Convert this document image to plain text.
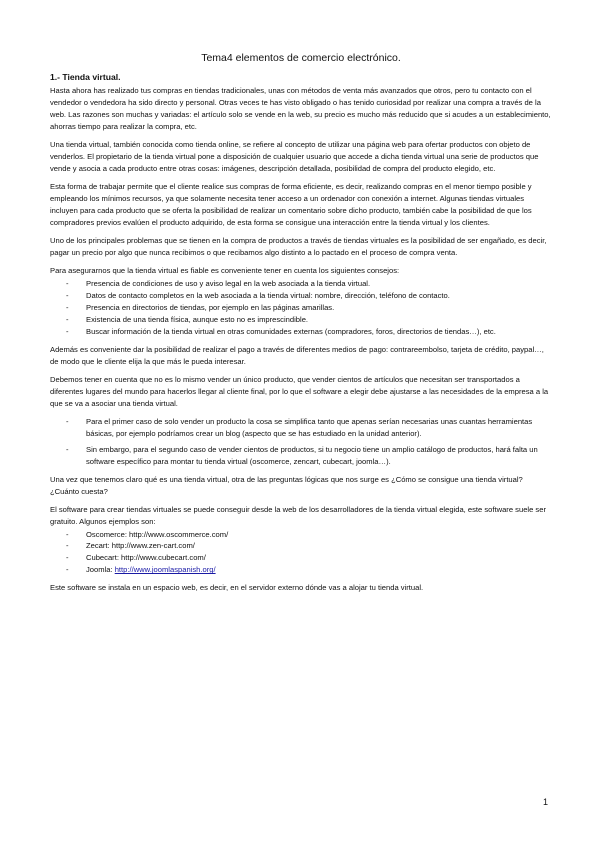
Tema4 elementos de comercio electrónico.
1.- Tienda virtual.

Hasta ahora has realizado tus compras en tiendas tradicionales, unas con métodos de venta más avanzados que otros, pero tu contacto con el vendedor o vendedora ha sido directo y personal. Otras veces te has visto obligado o has tenido curiosidad por realizar una compra a través de la web. Las razones son muchas y variadas: el artículo solo se vende en la web, su precio es mucho más reducido que si acudes a un establecimiento, ahorras tiempo para realizar la compra, etc.

Una tienda virtual, también conocida como tienda online, se refiere al concepto de utilizar una página web para ofertar productos con objeto de venderlos. El propietario de la tienda virtual pone a disposición de cualquier usuario que accede a dicha tienda virtual una serie de productos que vende y asocia a cada producto entre otras cosas: imágenes, descripción detallada, posibilidad de compra del producto elegido, etc.

Esta forma de trabajar permite que el cliente realice sus compras de forma eficiente, es decir, realizando compras en el menor tiempo posible y empleando los mínimos recursos, ya que solamente necesita tener acceso a un ordenador con conexión a internet. Algunas tiendas virtuales incluyen para cada producto que se oferta la posibilidad de realizar un comentario sobre dicho producto, también cabe la posibilidad de que los compradores previos evalúen el producto adquirido, de esta forma se consigue una interacción entre la tienda virtual y los clientes.

Uno de los principales problemas que se tienen en la compra de productos a través de tiendas virtuales es la posibilidad de ser engañado, es decir, pagar un precio por algo que nunca recibimos o que recibamos algo distinto a lo pactado en el proceso de compra venta.

Para asegurarnos que la tienda virtual es fiable es conveniente tener en cuenta los siguientes consejos:

- Presencia de condiciones de uso y aviso legal en la web asociada a la tienda virtual.
- Datos de contacto completos en la web asociada a la tienda virtual: nombre, dirección, teléfono de contacto.
- Presencia en directorios de tiendas, por ejemplo en las páginas amarillas.
- Existencia de una tienda física, aunque esto no es imprescindible.
- Buscar información de la tienda virtual en otras comunidades externas (compradores, foros, directorios de tiendas…), etc.

Además es conveniente dar la posibilidad de realizar el pago a través de diferentes medios de pago: contrareembolso, tarjeta de crédito, paypal…, de modo que le cliente elija la que más le pueda interesar.

Debemos tener en cuenta que no es lo mismo vender un único producto, que vender cientos de artículos que necesitan ser transportados a diferentes lugares del mundo para hacerlos llegar al cliente final, por lo que el software a elegir debe ajustarse a las necesidades de la empresa a la que se va a asociar una tienda virtual.

- Para el primer caso de solo vender un producto la cosa se simplifica tanto que apenas serían necesarias unas cuantas herramientas básicas, por ejemplo podríamos crear un blog (aspecto que se has estudiado en la unidad anterior).
- Sin embargo, para el segundo caso de vender cientos de productos, si tu negocio tiene un amplio catálogo de productos, hará falta un software específico para montar tu tienda virtual (oscomerce, zencart, cubecart, joomla…).

Una vez que tenemos claro qué es una tienda virtual, otra de las preguntas lógicas que nos surge es ¿Cómo se consigue una tienda virtual? ¿Cuánto cuesta?

El software para crear tiendas virtuales se puede conseguir desde la web de los desarrolladores de la tienda virtual elegida, este software suele ser gratuito. Algunos ejemplos son:

- Oscomerce: http://www.oscommerce.com/
- Zecart: http://www.zen-cart.com/
- Cubecart: http://www.cubecart.com/
- Joomla: http://www.joomlaspanish.org/

Este software se instala en un espacio web, es decir, en el servidor externo dónde vas a alojar tu tienda virtual.

1
